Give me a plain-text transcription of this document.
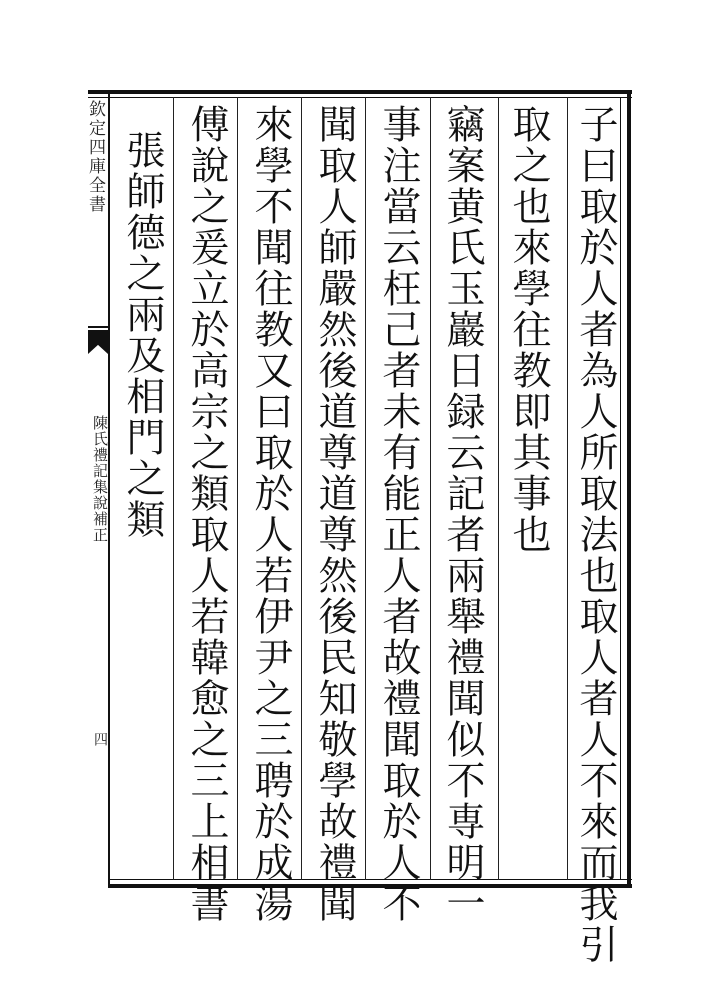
欽定四庫全書
陳氏禮記集說補正
四	子曰取於人者為人所取法也取人者人不來而我引
取之也來學往教即其事也
竊案黄氏玉巖日録云記者兩舉禮聞似不専明一
事注當云枉己者未有能正人者故禮聞取於人不
聞取人師嚴然後道尊道尊然後民知敬學故禮聞
來學不聞往教又曰取於人若伊尹之三聘於成湯
傅說之爰立於高宗之類取人若韓愈之三上相書
張師德之兩及相門之類
